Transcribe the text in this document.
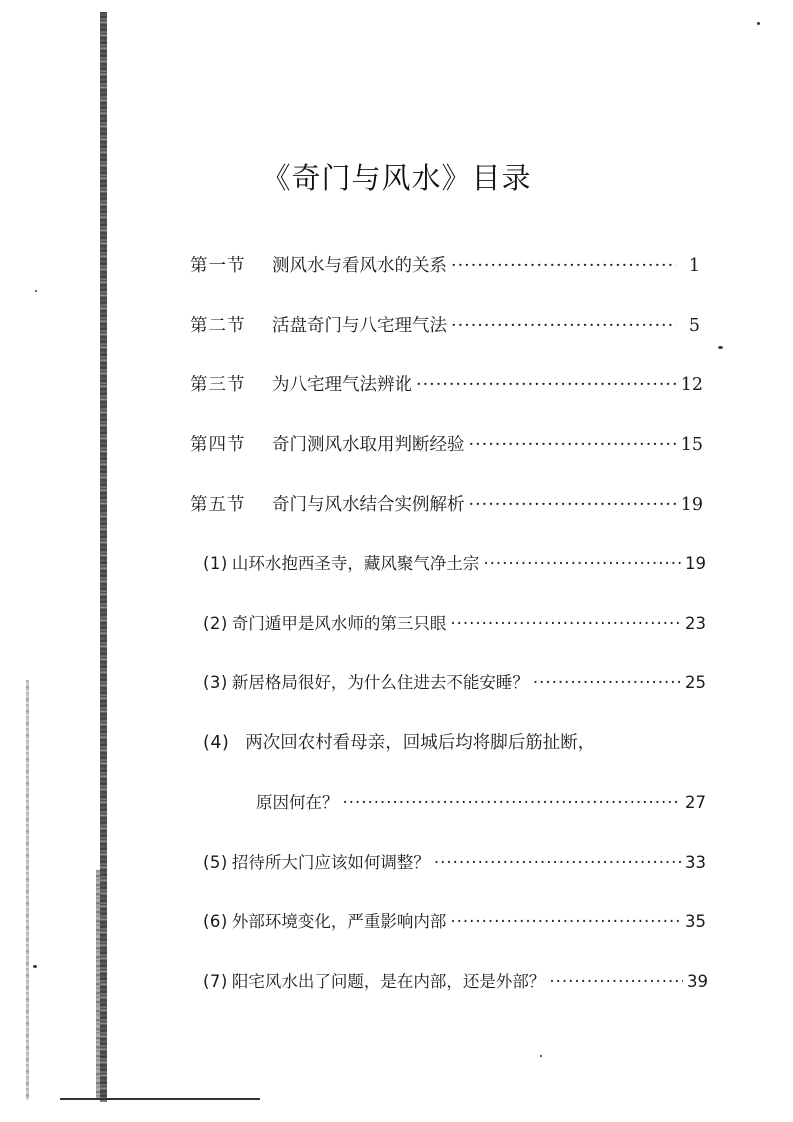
《奇门与风水》目录
第一节 测风水与看风水的关系 ·····	1
第二节 活盘奇门与八宅理气法 ·····	5
第三节 为八宅理气法辨讹 ·····	12
第四节 奇门测风水取用判断经验 ·····	15
第五节 奇门与风水结合实例解析 ·····	19
(1) 山环水抱西圣寺，藏风聚气净土宗 ·····	19
(2) 奇门遁甲是风水师的第三只眼 ·····	23
(3) 新居格局很好，为什么住进去不能安睡？ ·····	25
(4) 两次回农村看母亲，回城后均将脚后筋扯断，
原因何在？ ·····	27
(5) 招待所大门应该如何调整？ ·····	33
(6) 外部环境变化，严重影响内部 ·····	35
(7) 阳宅风水出了问题，是在内部，还是外部？ ·····	39
